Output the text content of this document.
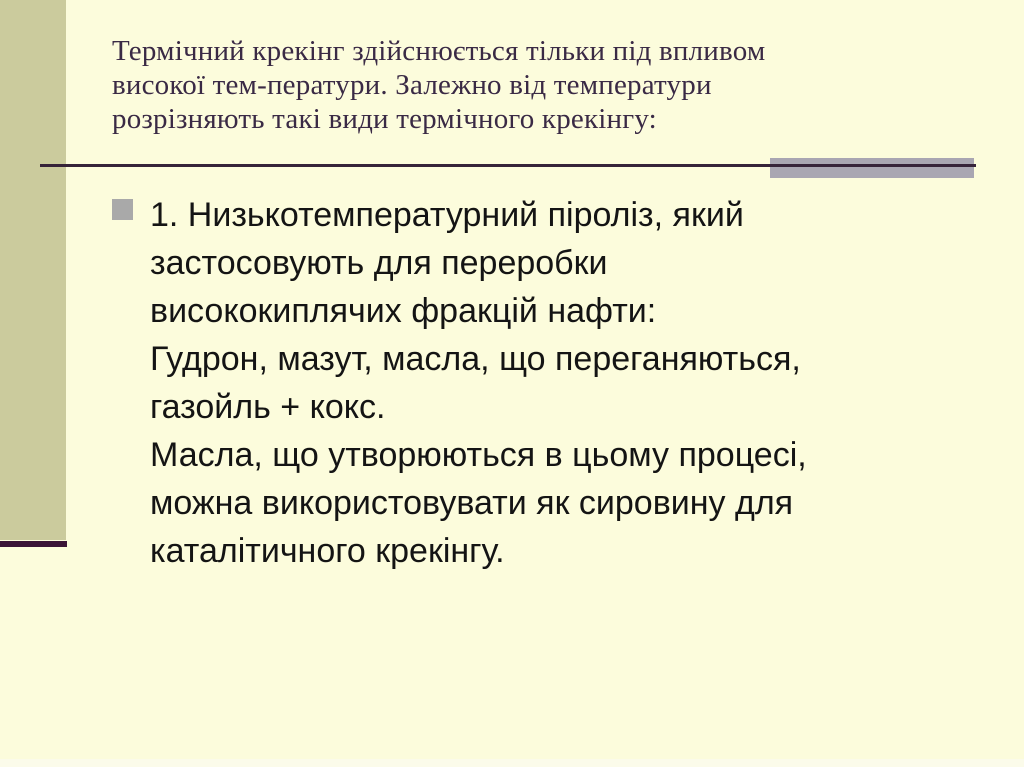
Термічний крекінг здійснюється тільки під впливом
високої тем-ператури. Залежно від температури
розрізняють такі види термічного крекінгу:
1. Низькотемпературний піроліз, який
застосовують для переробки
висококиплячих фракцій нафти:
Гудрон, мазут, масла, що переганяються,
газойль + кокс.
Масла, що утворюються в цьому процесі,
можна використовувати як сировину для
каталітичного крекінгу.
